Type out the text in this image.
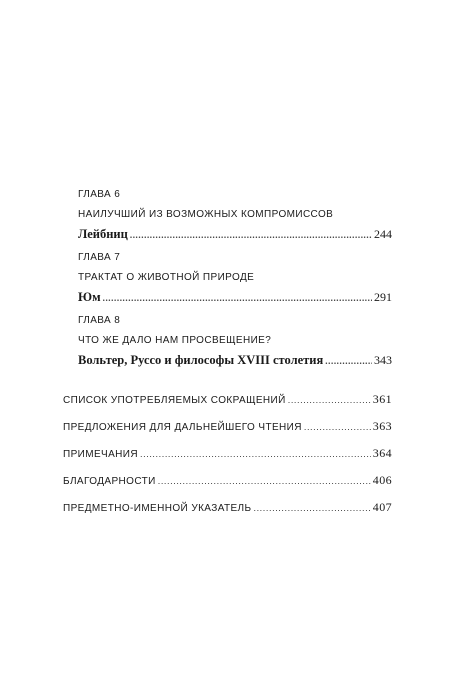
ГЛАВА 6
НАИЛУЧШИЙ ИЗ ВОЗМОЖНЫХ КОМПРОМИССОВ
Лейбниц .....	244
ГЛАВА 7
ТРАКТАТ О ЖИВОТНОЙ ПРИРОДЕ
Юм .....	291
ГЛАВА 8
ЧТО ЖЕ ДАЛО НАМ ПРОСВЕЩЕНИЕ?
Вольтер, Руссо и философы XVIII столетия .....	343
СПИСОК УПОТРЕБЛЯЕМЫХ СОКРАЩЕНИЙ .....	361
ПРЕДЛОЖЕНИЯ ДЛЯ ДАЛЬНЕЙШЕГО ЧТЕНИЯ .....	363
ПРИМЕЧАНИЯ .....	364
БЛАГОДАРНОСТИ .....	406
ПРЕДМЕТНО-ИМЕННОЙ УКАЗАТЕЛЬ .....	407
